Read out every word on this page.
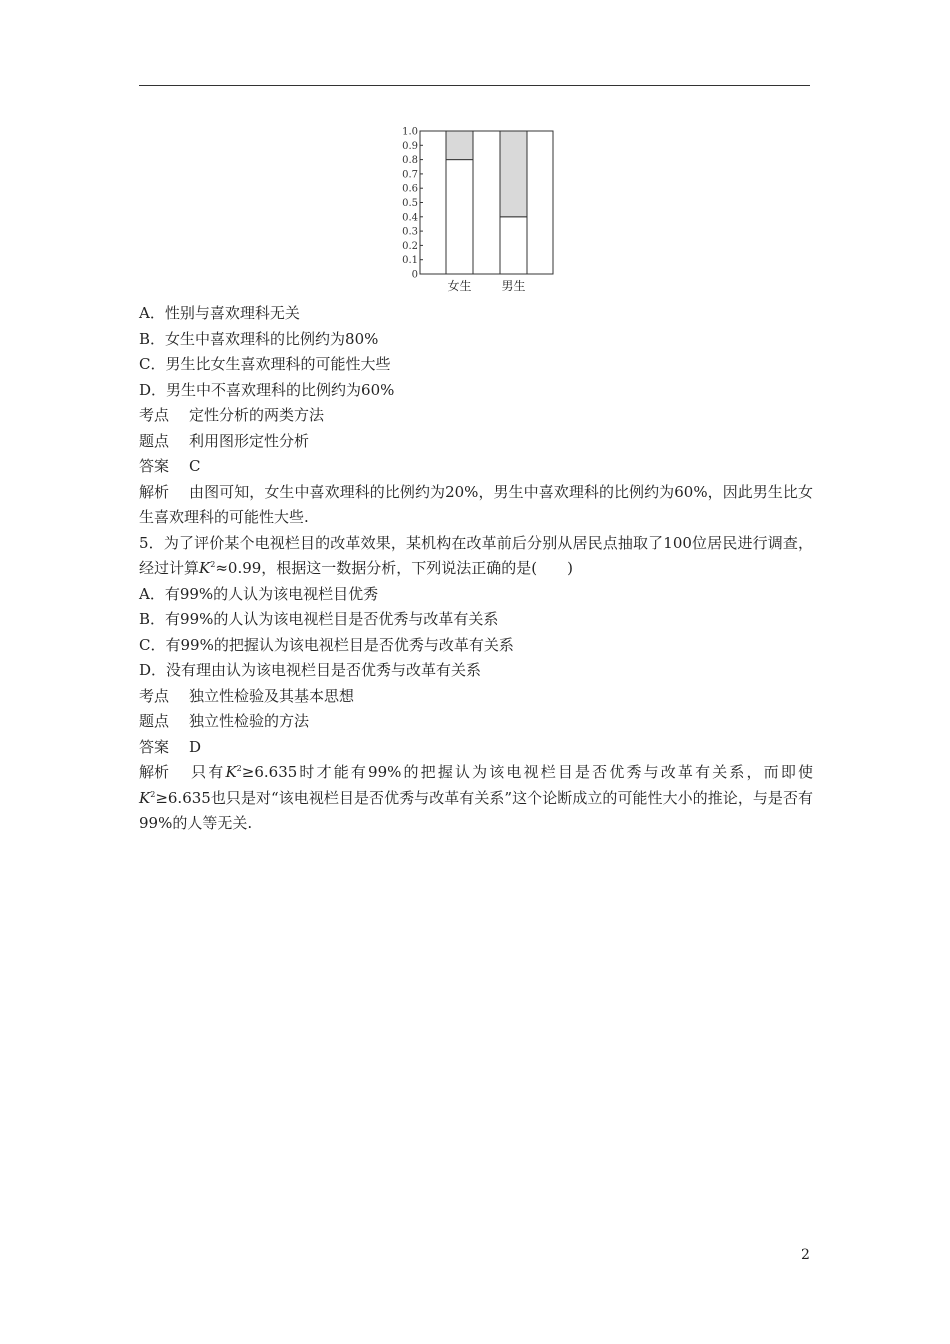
1.0
0.9
0.8
0.7
0.6
0.5
0.4
0.3
0.2
0.1
0
女生 男生
A．性别与喜欢理科无关
B．女生中喜欢理科的比例约为80%
C．男生比女生喜欢理科的可能性大些
D．男生中不喜欢理科的比例约为60%
考点 定性分析的两类方法
题点 利用图形定性分析
答案 C
解析 由图可知，女生中喜欢理科的比例约为20%，男生中喜欢理科的比例约为60%，因此男生比女生喜欢理科的可能性大些.
5．为了评价某个电视栏目的改革效果，某机构在改革前后分别从居民点抽取了100位居民进行调查，经过计算$K^2\approx 0.99$，根据这一数据分析，下列说法正确的是(　　)
A．有99%的人认为该电视栏目优秀
B．有99%的人认为该电视栏目是否优秀与改革有关系
C．有99%的把握认为该电视栏目是否优秀与改革有关系
D．没有理由认为该电视栏目是否优秀与改革有关系
考点 独立性检验及其基本思想
题点 独立性检验的方法
答案 D
解析 只有$K^2\ge 6.635$时才能有99%的把握认为该电视栏目是否优秀与改革有关系，而即使$K^2\ge 6.635$也只是对“该电视栏目是否优秀与改革有关系”这个论断成立的可能性大小的推论，与是否有99%的人等无关.
2
